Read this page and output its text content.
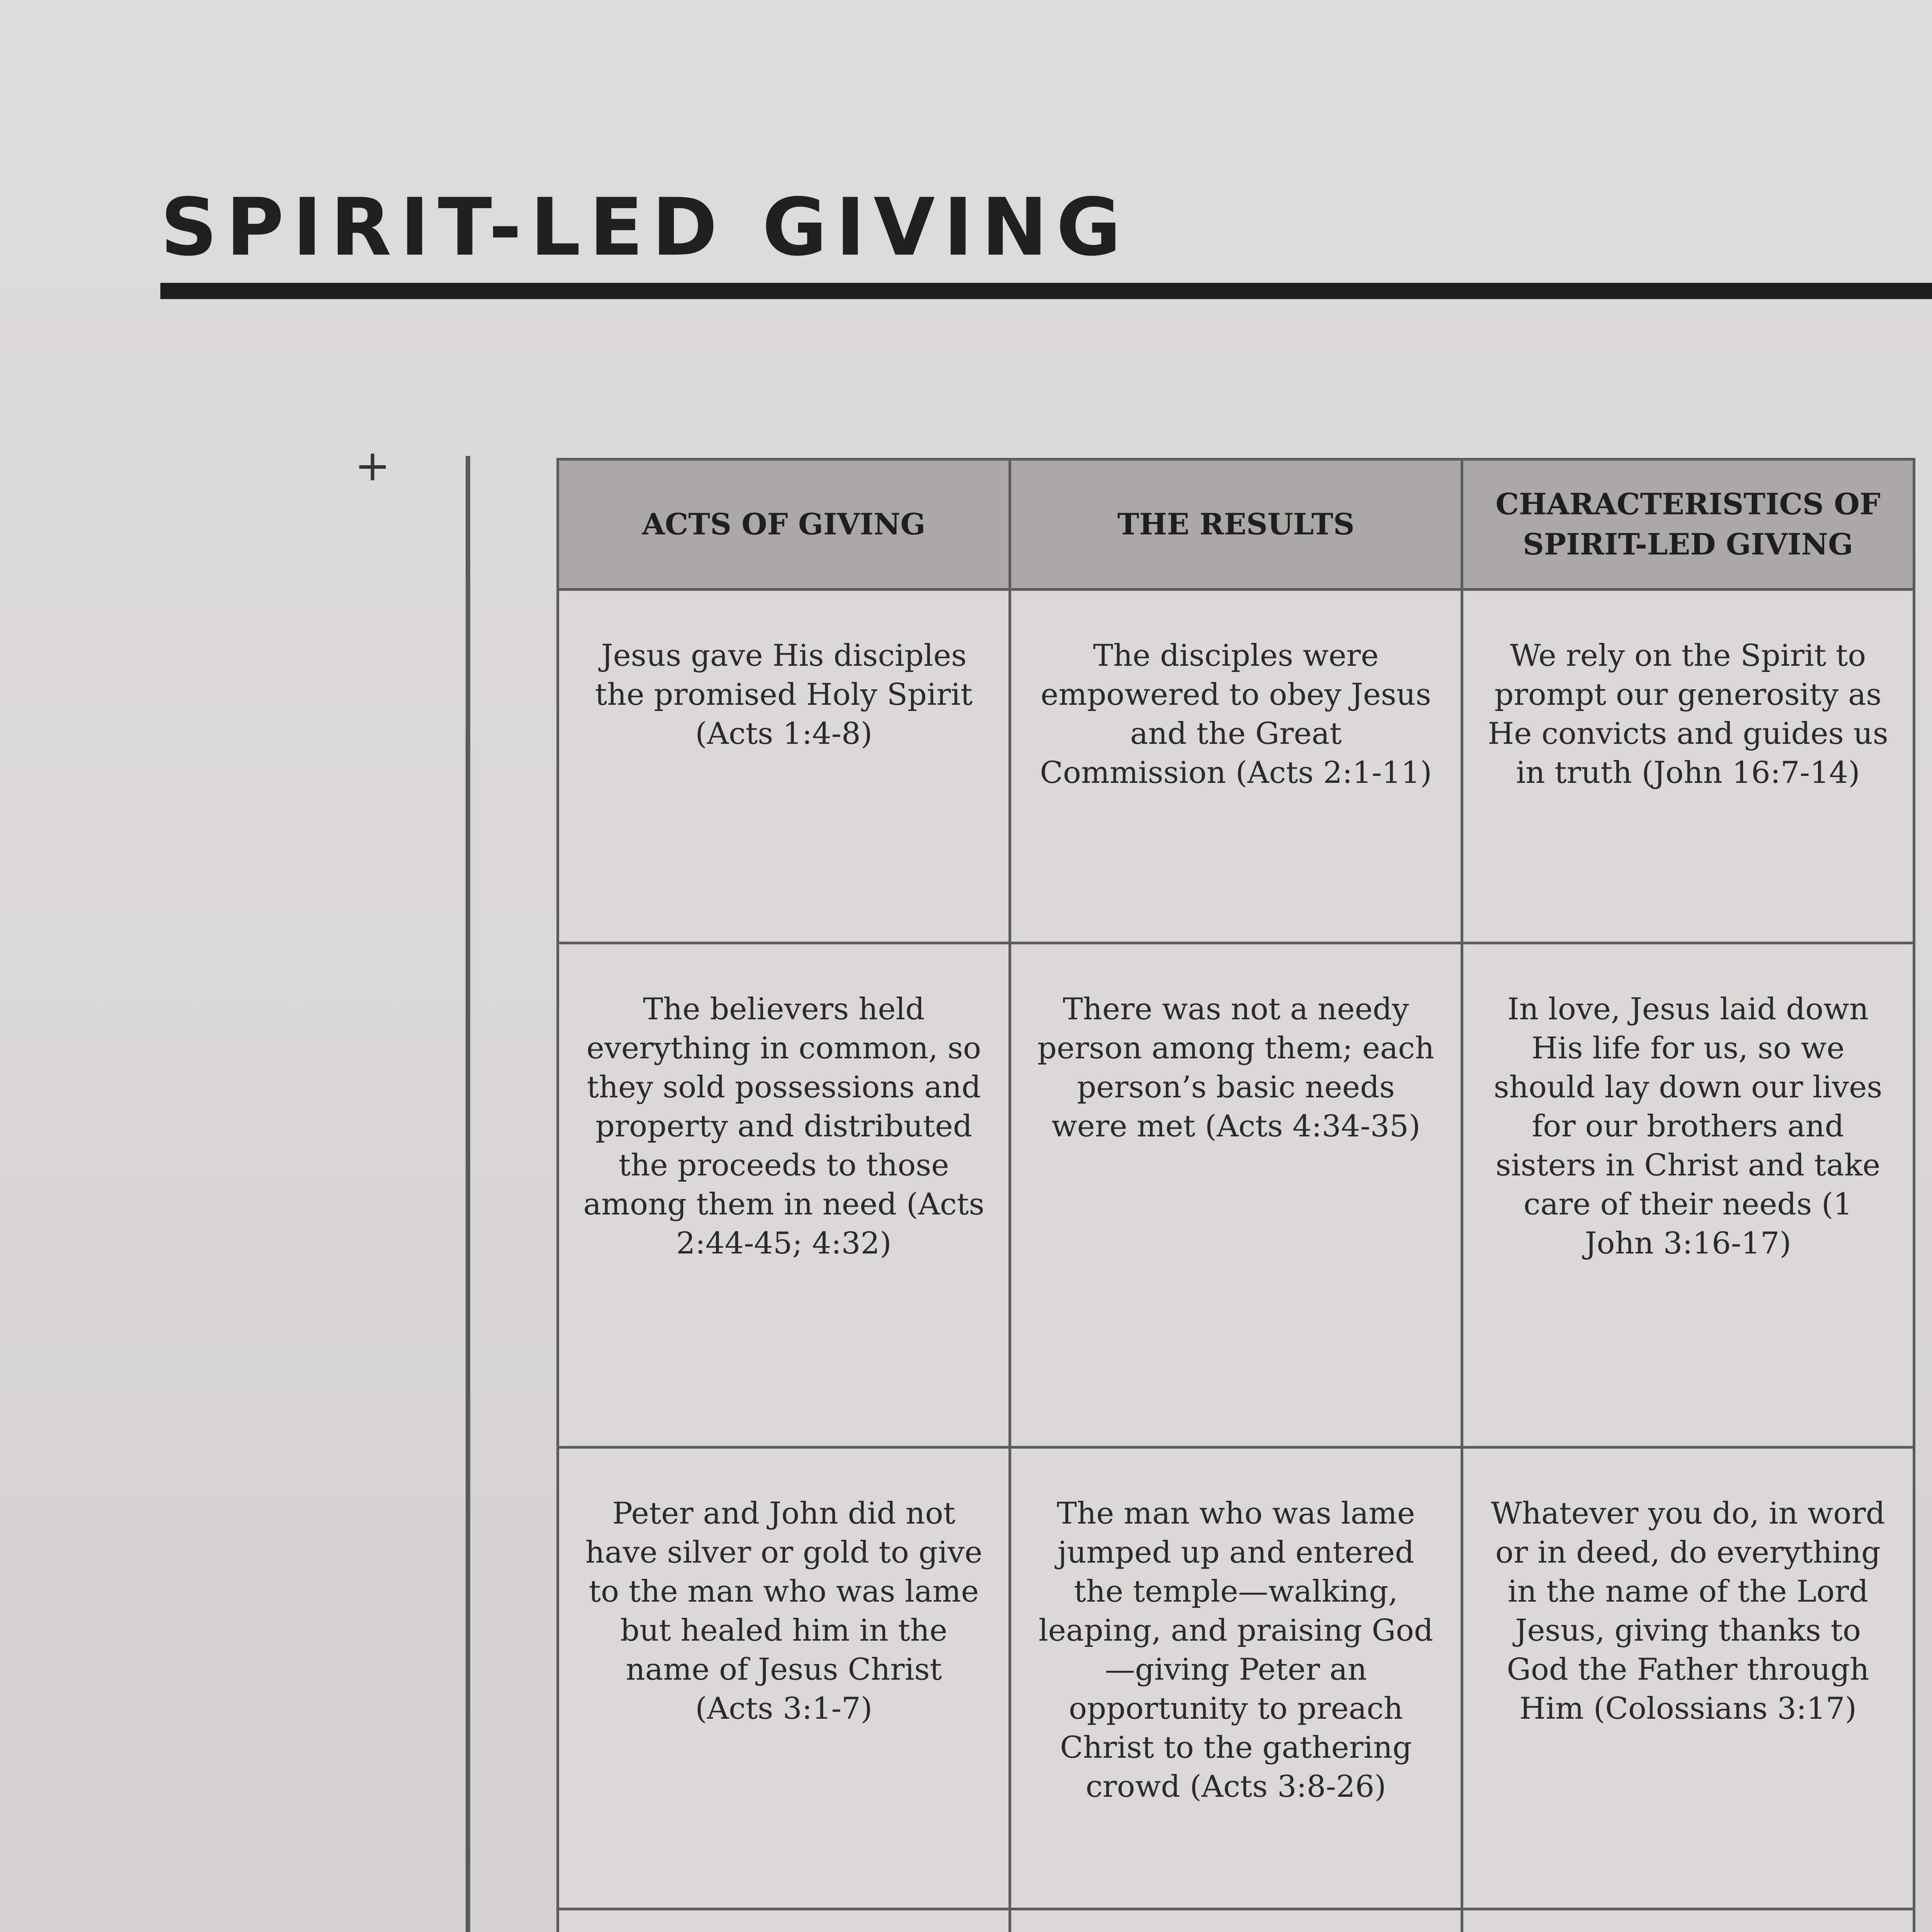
SPIRIT-LED GIVING
+
ACTS OF GIVING	THE RESULTS	CHARACTERISTICS OF SPIRIT-LED GIVING
Jesus gave His disciples the promised Holy Spirit (Acts 1:4-8)	The disciples were empowered to obey Jesus and the Great Commission (Acts 2:1-11)	We rely on the Spirit to prompt our generosity as He convicts and guides us in truth (John 16:7-14)
The believers held everything in common, so they sold possessions and property and distributed the proceeds to those among them in need (Acts 2:44-45; 4:32)	There was not a needy person among them; each person’s basic needs were met (Acts 4:34-35)	In love, Jesus laid down His life for us, so we should lay down our lives for our brothers and sisters in Christ and take care of their needs (1 John 3:16-17)
Peter and John did not have silver or gold to give to the man who was lame but healed him in the name of Jesus Christ (Acts 3:1-7)	The man who was lame jumped up and entered the temple—walking, leaping, and praising God—giving Peter an opportunity to preach Christ to the gathering crowd (Acts 3:8-26)	Whatever you do, in word or in deed, do everything in the name of the Lord Jesus, giving thanks to God the Father through Him (Colossians 3:17)
